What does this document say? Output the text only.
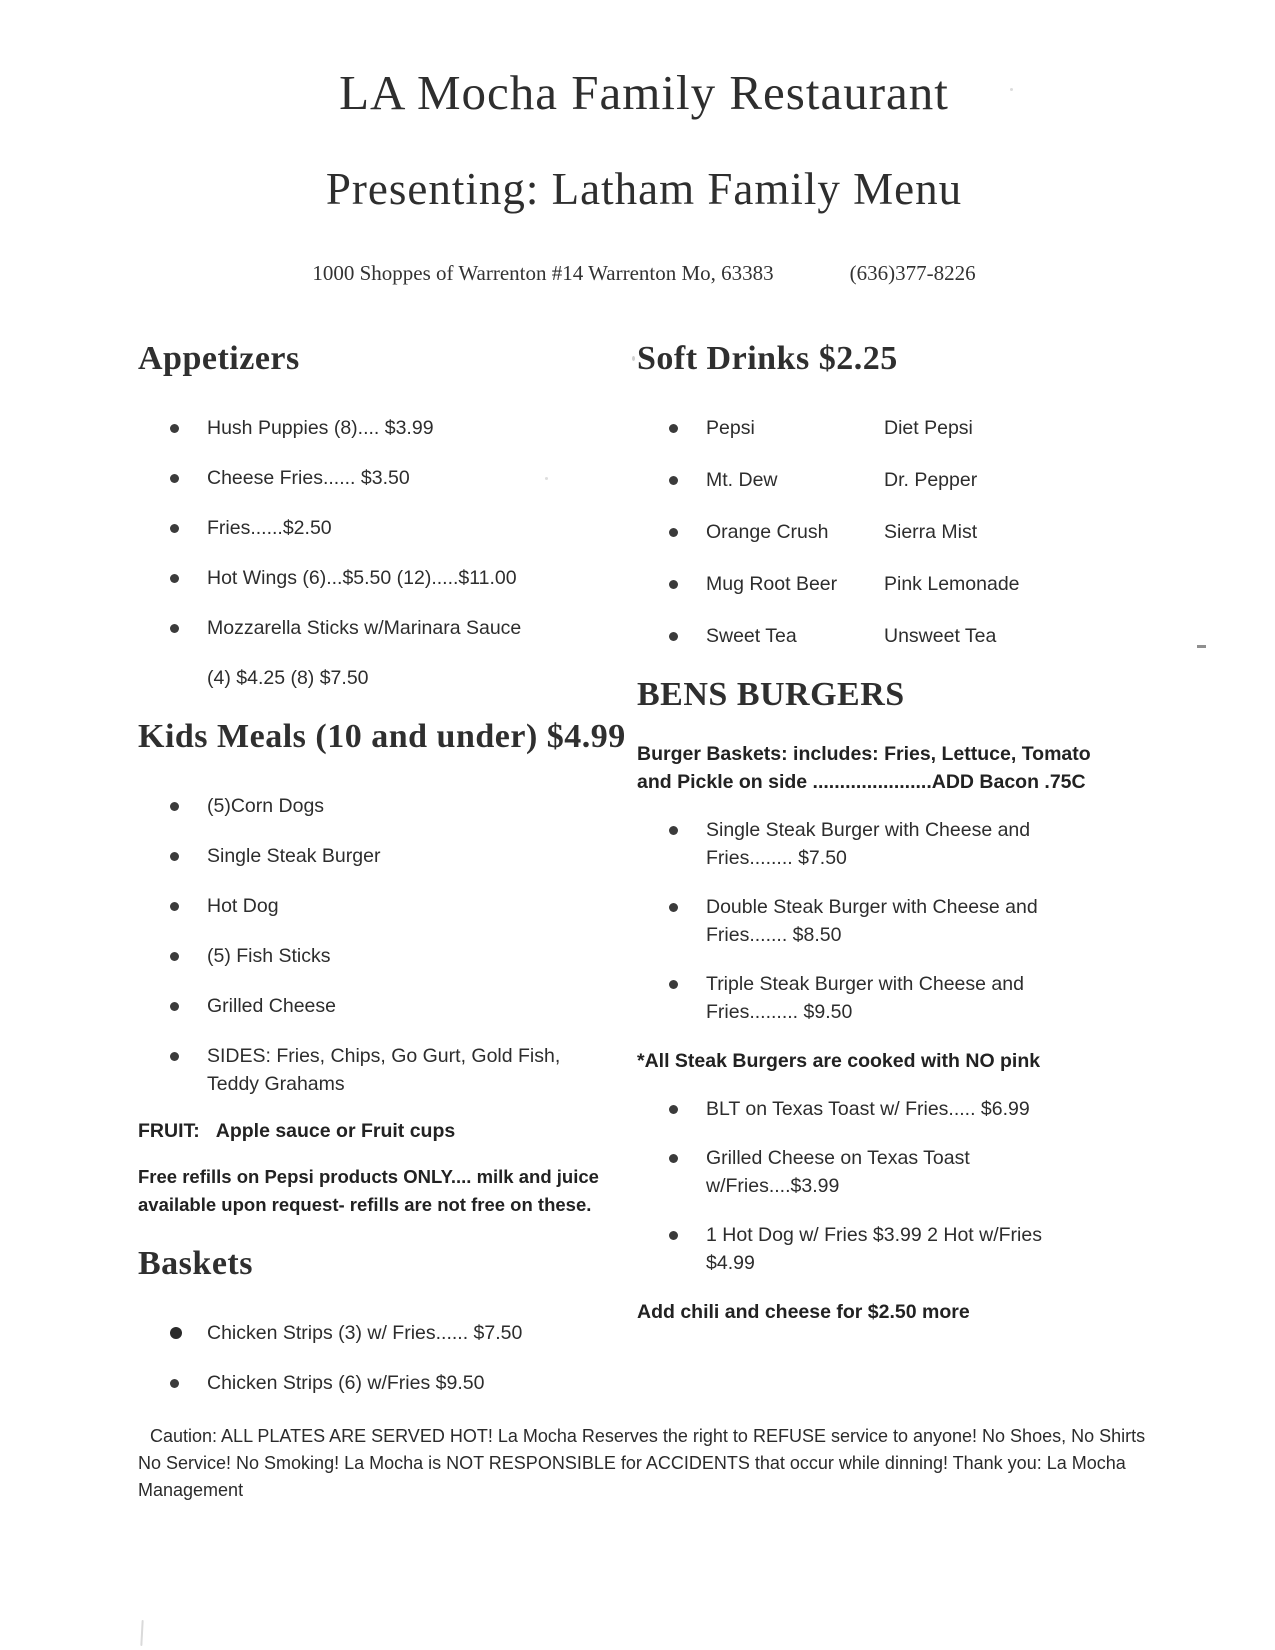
LA Mocha Family Restaurant
Presenting: Latham Family Menu
1000 Shoppes of Warrenton #14 Warrenton Mo, 63383	(636)377-8226
Appetizers
Hush Puppies (8).... $3.99
Cheese Fries...... $3.50
Fries......$2.50
Hot Wings (6)...$5.50 (12).....$11.00
Mozzarella Sticks w/Marinara Sauce
(4) $4.25 (8) $7.50
Kids Meals (10 and under) $4.99
(5)Corn Dogs
Single Steak Burger
Hot Dog
(5) Fish Sticks
Grilled Cheese
SIDES: Fries, Chips, Go Gurt, Gold Fish, Teddy Grahams

FRUIT: Apple sauce or Fruit cups

Free refills on Pepsi products ONLY.... milk and juice
available upon request- refills are not free on these.

Baskets
Chicken Strips (3) w/ Fries...... $7.50
Chicken Strips (6) w/Fries $9.50
Soft Drinks $2.25
Pepsi	Diet Pepsi
Mt. Dew	Dr. Pepper
Orange Crush	Sierra Mist
Mug Root Beer	Pink Lemonade
Sweet Tea	Unsweet Tea
BENS BURGERS

Burger Baskets: includes: Fries, Lettuce, Tomato
and Pickle on side ......................ADD Bacon .75C

Single Steak Burger with Cheese and Fries........ $7.50
Double Steak Burger with Cheese and Fries....... $8.50
Triple Steak Burger with Cheese and Fries......... $9.50

*All Steak Burgers are cooked with NO pink

BLT on Texas Toast w/ Fries..... $6.99
Grilled Cheese on Texas Toast w/Fries....$3.99
1 Hot Dog w/ Fries $3.99 2 Hot w/Fries $4.99

Add chili and cheese for $2.50 more

Caution: ALL PLATES ARE SERVED HOT! La Mocha Reserves the right to REFUSE service to anyone! No Shoes, No Shirts No Service! No Smoking! La Mocha is NOT RESPONSIBLE for ACCIDENTS that occur while dinning! Thank you: La Mocha Management
